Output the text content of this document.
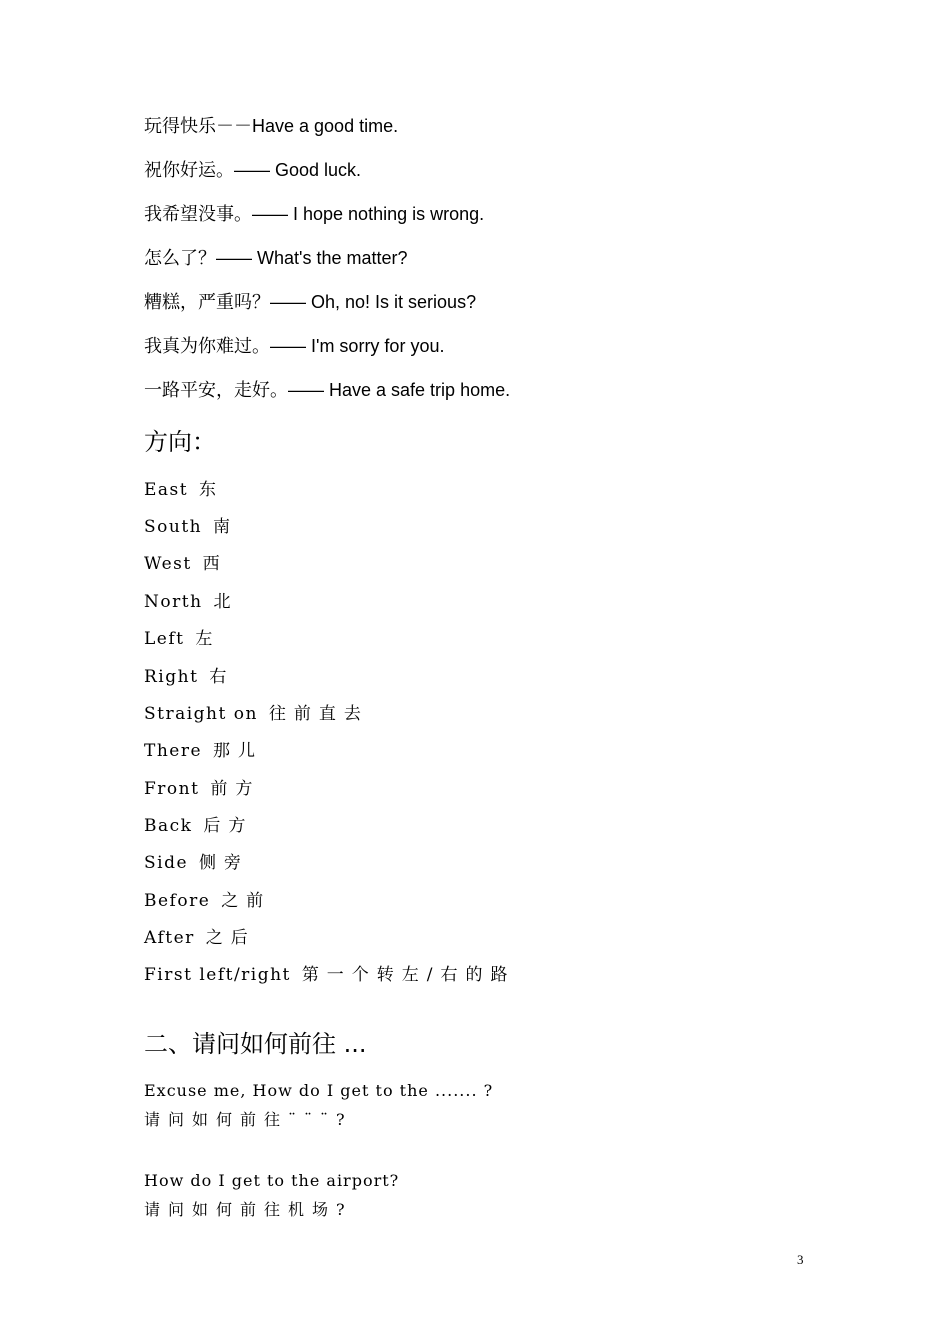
玩得快乐－－Have a good time.
祝你好运。—— Good luck.
我希望没事。—— I hope nothing is wrong.
怎么了？—— What's the matter?
糟糕，严重吗？—— Oh, no! Is it serious?
我真为你难过。—— I'm sorry for you.
一路平安，走好。—— Have a safe trip home.
方向：
East 东
South 南
West 西
North 北
Left 左
Right 右
Straight on 往前直去
There 那儿
Front 前方
Back 后方
Side 侧旁
Before 之前
After 之后
First left/right 第一个转左/右的路
二、请问如何前往 ...
Excuse me, How do I get to the ....... ?
请问如何前往¨¨¨?
How do I get to the airport?
请问如何前往机场?
3
